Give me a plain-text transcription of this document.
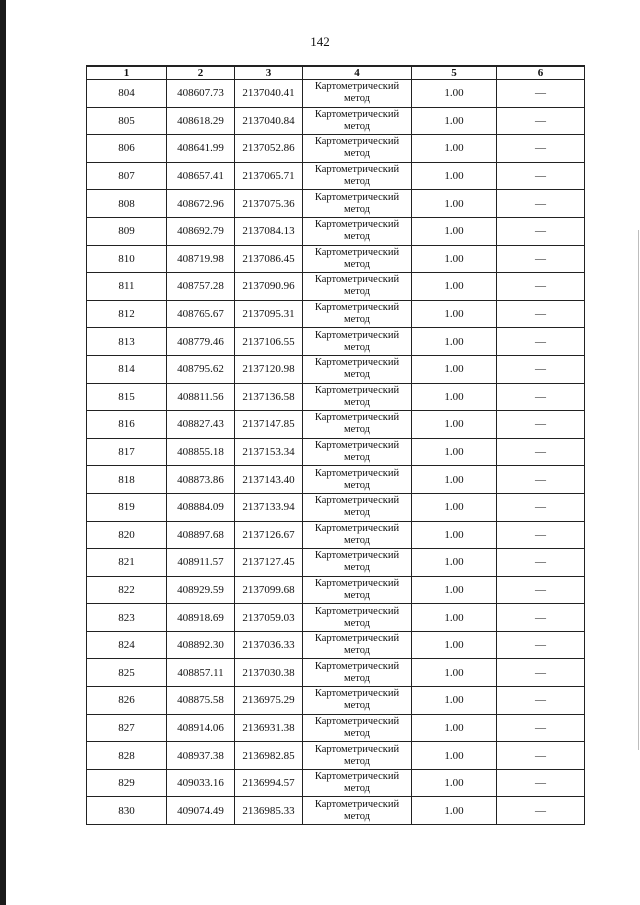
142
1	2	3	4	5	6
804	408607.73	2137040.41	Картометрический
метод	1.00	—
805	408618.29	2137040.84	Картометрический
метод	1.00	—
806	408641.99	2137052.86	Картометрический
метод	1.00	—
807	408657.41	2137065.71	Картометрический
метод	1.00	—
808	408672.96	2137075.36	Картометрический
метод	1.00	—
809	408692.79	2137084.13	Картометрический
метод	1.00	—
810	408719.98	2137086.45	Картометрический
метод	1.00	—
811	408757.28	2137090.96	Картометрический
метод	1.00	—
812	408765.67	2137095.31	Картометрический
метод	1.00	—
813	408779.46	2137106.55	Картометрический
метод	1.00	—
814	408795.62	2137120.98	Картометрический
метод	1.00	—
815	408811.56	2137136.58	Картометрический
метод	1.00	—
816	408827.43	2137147.85	Картометрический
метод	1.00	—
817	408855.18	2137153.34	Картометрический
метод	1.00	—
818	408873.86	2137143.40	Картометрический
метод	1.00	—
819	408884.09	2137133.94	Картометрический
метод	1.00	—
820	408897.68	2137126.67	Картометрический
метод	1.00	—
821	408911.57	2137127.45	Картометрический
метод	1.00	—
822	408929.59	2137099.68	Картометрический
метод	1.00	—
823	408918.69	2137059.03	Картометрический
метод	1.00	—
824	408892.30	2137036.33	Картометрический
метод	1.00	—
825	408857.11	2137030.38	Картометрический
метод	1.00	—
826	408875.58	2136975.29	Картометрический
метод	1.00	—
827	408914.06	2136931.38	Картометрический
метод	1.00	—
828	408937.38	2136982.85	Картометрический
метод	1.00	—
829	409033.16	2136994.57	Картометрический
метод	1.00	—
830	409074.49	2136985.33	Картометрический
метод	1.00	—
